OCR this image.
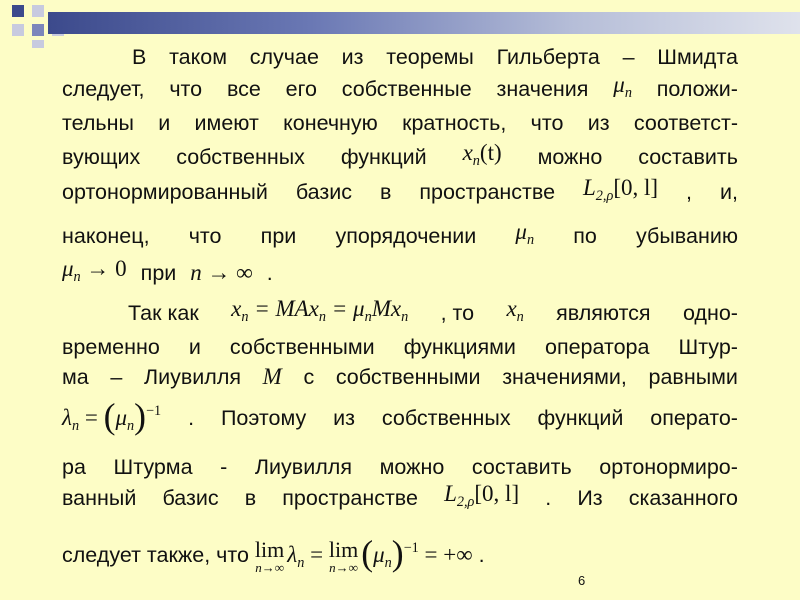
В таком случае из теоремы Гильберта – Шмидта
следует, что все его собственные значения $\mu_n$ положи-
тельны и имеют конечную кратность, что из соответст-
вующих собственных функций $x_n(t)$ можно составить
ортонормированный базис в пространстве $L_{2,\rho}[0$, l] , и,
наконец, что при упорядочении $\mu_n$ по убыванию
$\mu_n \to 0$ при n → ∞ .
Так как $x_n = MAx_n = \mu_nMx_n$ , то $x_n$ являются одно-
временно и собственными функциями оператора Штур-
ма – Лиувилля M с собственными значениями, равными
$\lambda_n = (\mu_n)^{-1}$ . Поэтому из собственных функций операто-
ра Штурма - Лиувилля можно составить ортонормиро-
ванный базис в пространстве $L_{2,\rho}[0$, l] . Из сказанного
следует также, что lim
n→∞
$\lambda_n = \lim$
n→∞ $(\mu_n)^{-1}$ = +∞ .
6
